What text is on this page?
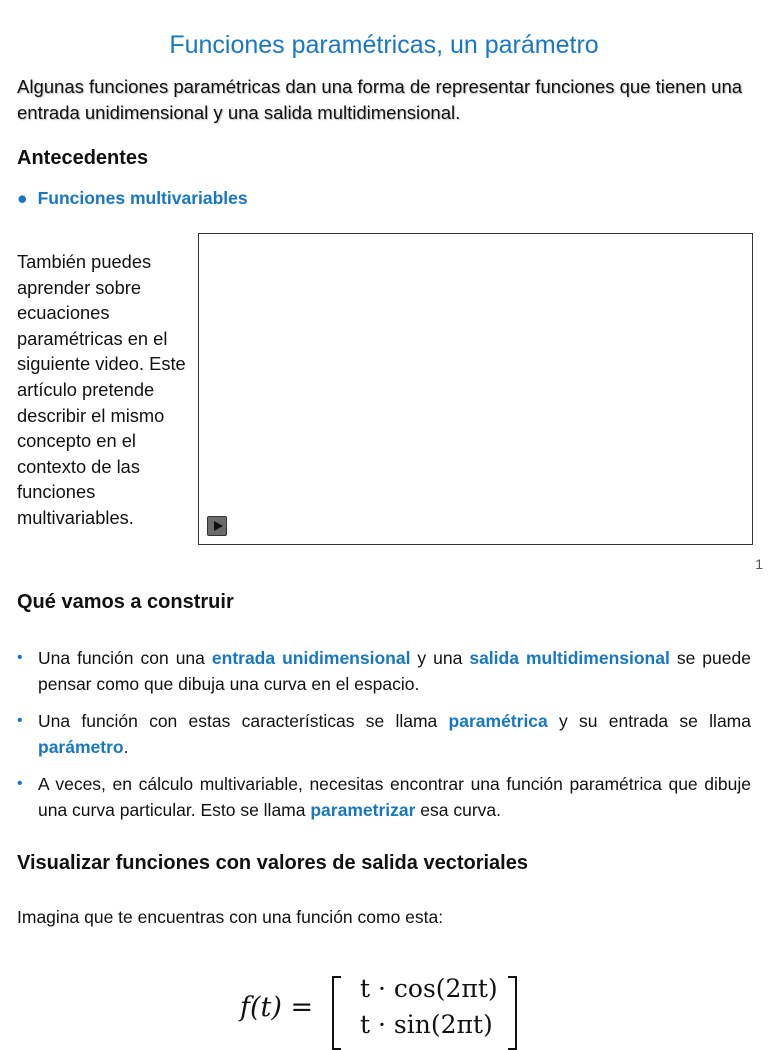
Funciones paramétricas, un parámetro
Algunas funciones paramétricas dan una forma de representar funciones que tienen una entrada unidimensional y una salida multidimensional.
Antecedentes
● Funciones multivariables
También puedes aprender sobre ecuaciones paramétricas en el siguiente video. Este artículo pretende describir el mismo concepto en el contexto de las funciones multivariables.
1
Qué vamos a construir
• Una función con una entrada unidimensional y una salida multidimensional se puede pensar como que dibuja una curva en el espacio.
• Una función con estas características se llama paramétrica y su entrada se llama parámetro.
• A veces, en cálculo multivariable, necesitas encontrar una función paramétrica que dibuje una curva particular. Esto se llama parametrizar esa curva.
Visualizar funciones con valores de salida vectoriales
Imagina que te encuentras con una función como esta:
f(t) =
t · cos(2πt)
t · sin(2πt)
